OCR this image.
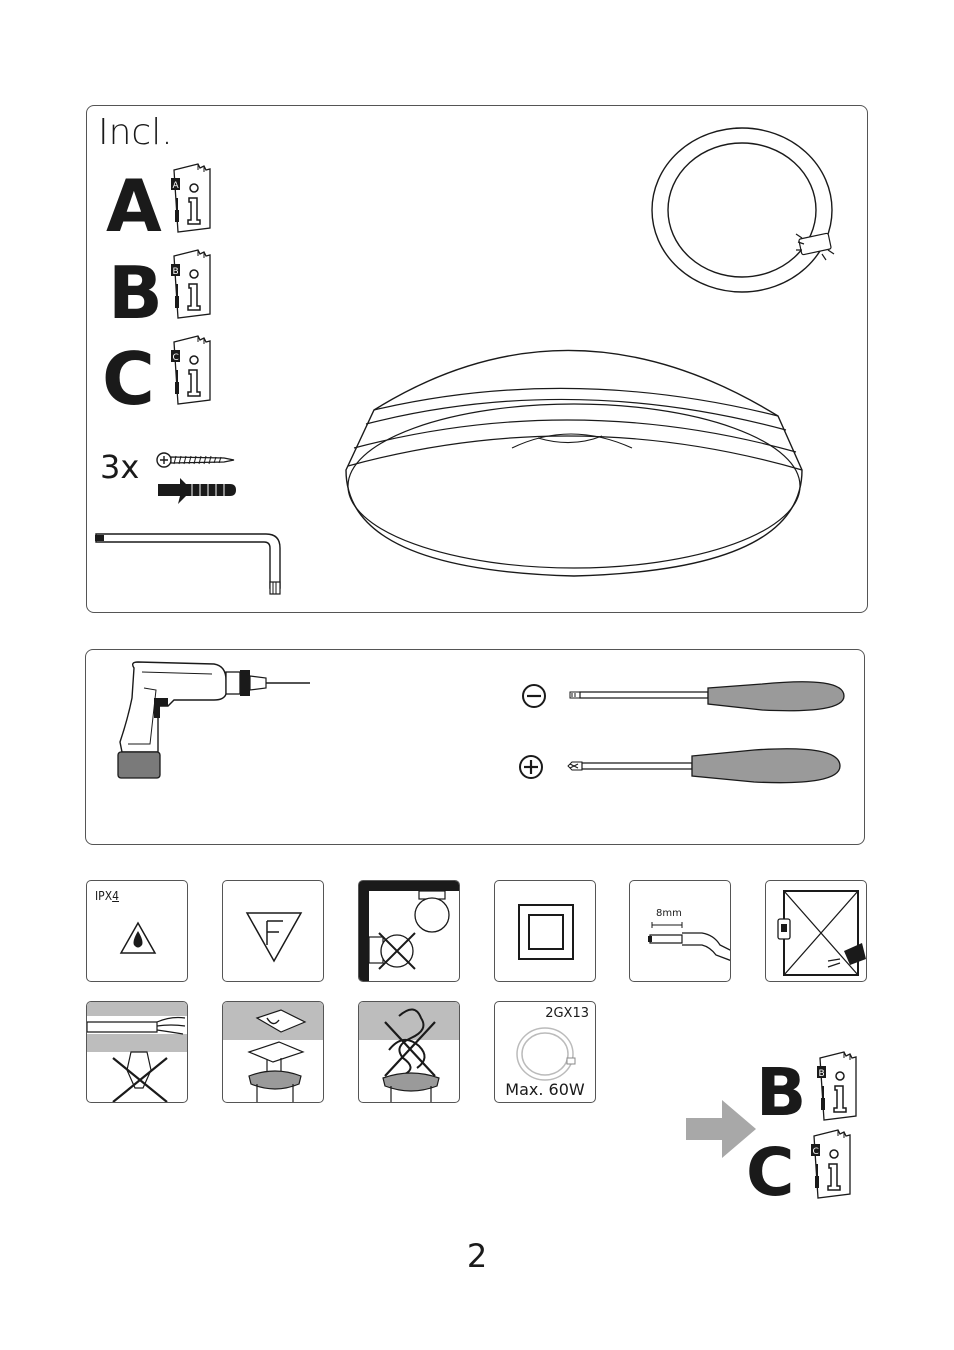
Incl.
A A
B B
C C
3x
IPX4
8mm
2GX13
Max. 60W	B B
C C
2
